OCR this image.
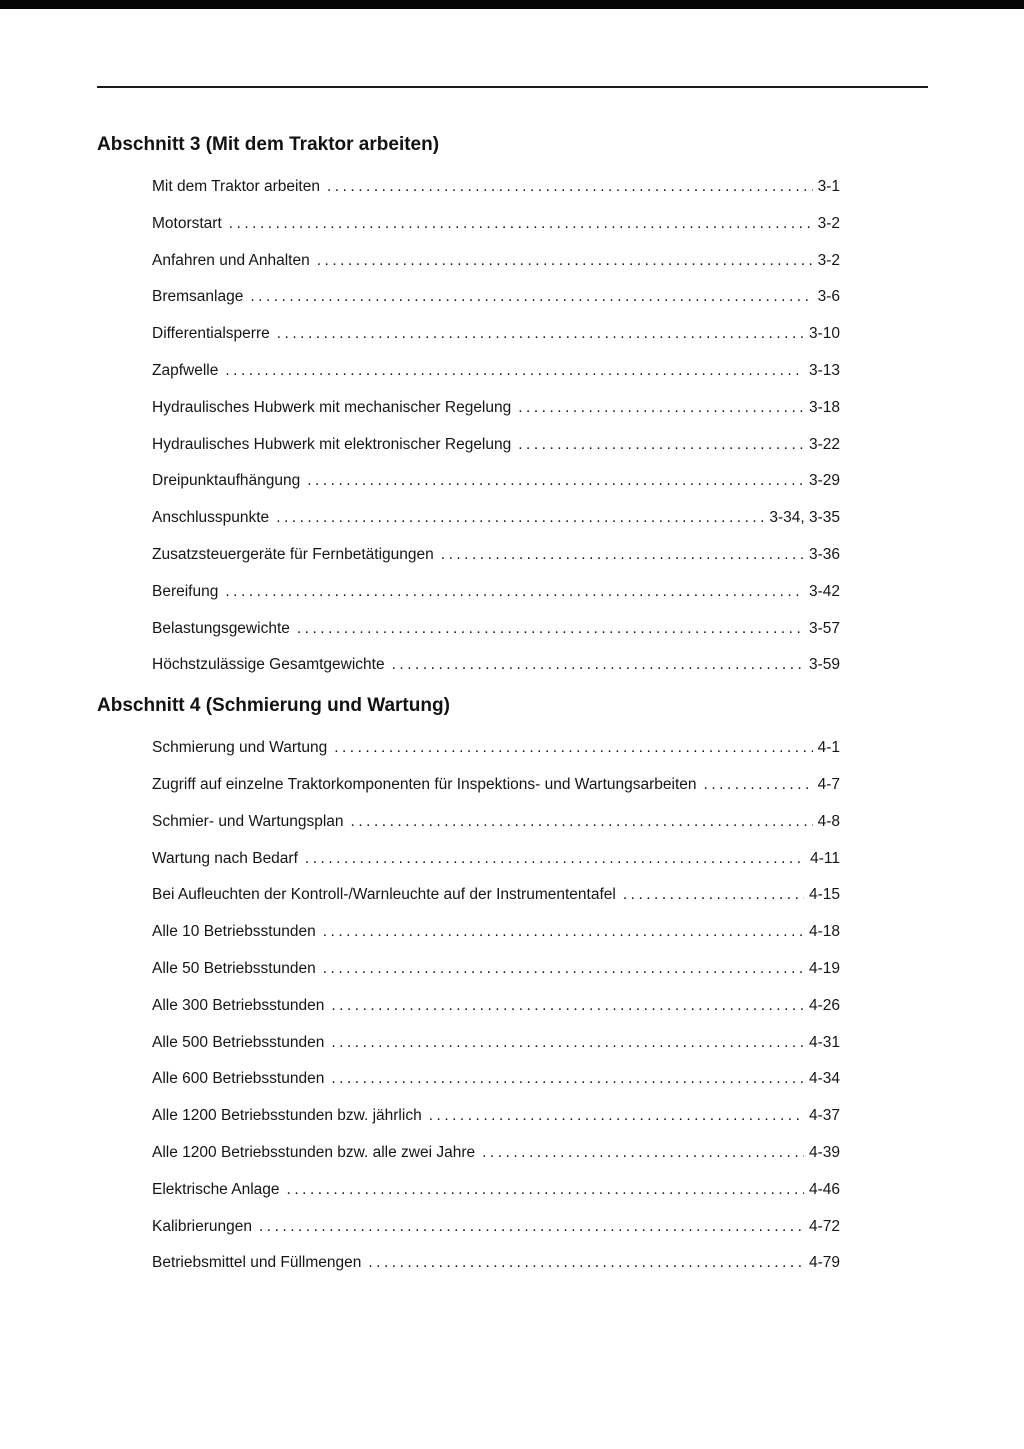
Abschnitt 3 (Mit dem Traktor arbeiten)
Mit dem Traktor arbeiten .....	3-1
Motorstart .....	3-2
Anfahren und Anhalten .....	3-2
Bremsanlage .....	3-6
Differentialsperre .....	3-10
Zapfwelle .....	3-13
Hydraulisches Hubwerk mit mechanischer Regelung .....	3-18
Hydraulisches Hubwerk mit elektronischer Regelung .....	3-22
Dreipunktaufhängung .....	3-29
Anschlusspunkte .....	3-34, 3-35
Zusatzsteuergeräte für Fernbetätigungen .....	3-36
Bereifung .....	3-42
Belastungsgewichte .....	3-57
Höchstzulässige Gesamtgewichte .....	3-59
Abschnitt 4 (Schmierung und Wartung)
Schmierung und Wartung .....	4-1
Zugriff auf einzelne Traktorkomponenten für Inspektions- und Wartungsarbeiten .....	4-7
Schmier- und Wartungsplan .....	4-8
Wartung nach Bedarf .....	4-11
Bei Aufleuchten der Kontroll-/Warnleuchte auf der Instrumententafel .....	4-15
Alle 10 Betriebsstunden .....	4-18
Alle 50 Betriebsstunden .....	4-19
Alle 300 Betriebsstunden .....	4-26
Alle 500 Betriebsstunden .....	4-31
Alle 600 Betriebsstunden .....	4-34
Alle 1200 Betriebsstunden bzw. jährlich .....	4-37
Alle 1200 Betriebsstunden bzw. alle zwei Jahre .....	4-39
Elektrische Anlage .....	4-46
Kalibrierungen .....	4-72
Betriebsmittel und Füllmengen .....	4-79
